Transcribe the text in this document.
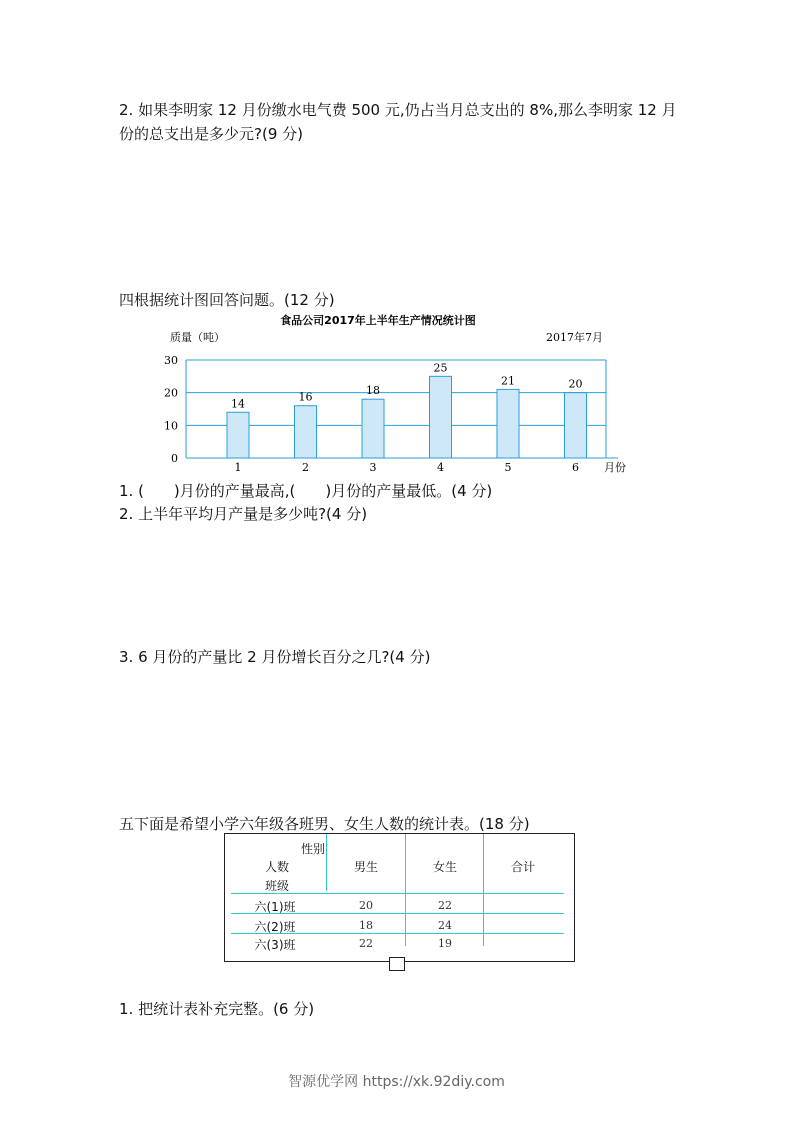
2. 如果李明家 12 月份缴水电气费 500 元,仍占当月总支出的 8%,那么李明家 12 月
份的总支出是多少元?(9 分)
四根据统计图回答问题。(12 分)
食品公司2017年上半年生产情况统计图
质量（吨）	2017年7月
月份
0
10
20
30
14
1
16
2
18
3
25
4
21
5
20
6
1. (　　)月份的产量最高,(　　)月份的产量最低。(4 分)
2. 上半年平均月产量是多少吨?(4 分)
3. 6 月份的产量比 2 月份增长百分之几?(4 分)
五下面是希望小学六年级各班男、女生人数的统计表。(18 分)
性别
人数
班级
男生	女生	合计
六(1)班	20	22
六(2)班	18	24
六(3)班	22	19
1. 把统计表补充完整。(6 分)
智源优学网 https://xk.92diy.com
